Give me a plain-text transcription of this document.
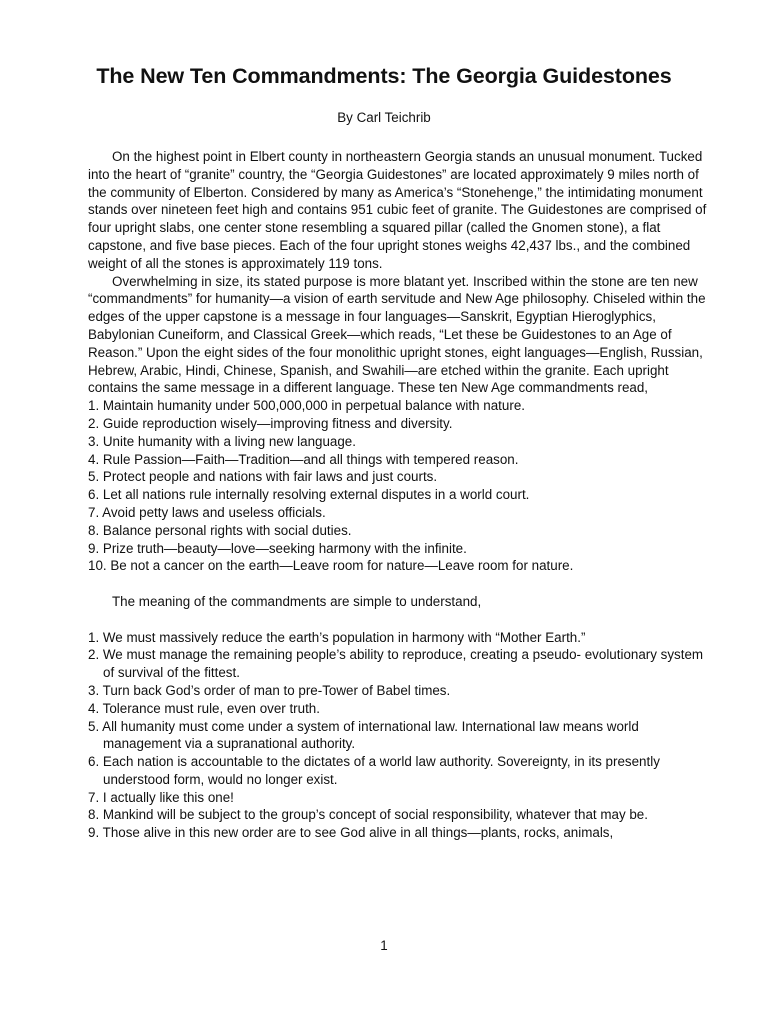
The New Ten Commandments: The Georgia Guidestones

By Carl Teichrib

On the highest point in Elbert county in northeastern Georgia stands an unusual monument. Tucked into the heart of “granite” country, the “Georgia Guidestones” are located approximately 9 miles north of the community of Elberton. Considered by many as America’s “Stonehenge,” the intimidating monument stands over nineteen feet high and contains 951 cubic feet of granite. The Guidestones are comprised of four upright slabs, one center stone resembling a squared pillar (called the Gnomen stone), a flat capstone, and five base pieces. Each of the four upright stones weighs 42,437 lbs., and the combined weight of all the stones is approximately 119 tons.

Overwhelming in size, its stated purpose is more blatant yet. Inscribed within the stone are ten new “commandments” for humanity—a vision of earth servitude and New Age philosophy. Chiseled within the edges of the upper capstone is a message in four languages—Sanskrit, Egyptian Hieroglyphics, Babylonian Cuneiform, and Classical Greek—which reads, “Let these be Guidestones to an Age of Reason.” Upon the eight sides of the four monolithic upright stones, eight languages—English, Russian, Hebrew, Arabic, Hindi, Chinese, Spanish, and Swahili—are etched within the granite. Each upright contains the same message in a different language. These ten New Age commandments read,

1. Maintain humanity under 500,000,000 in perpetual balance with nature.
2. Guide reproduction wisely—improving fitness and diversity.
3. Unite humanity with a living new language.
4. Rule Passion—Faith—Tradition—and all things with tempered reason.
5. Protect people and nations with fair laws and just courts.
6. Let all nations rule internally resolving external disputes in a world court.
7. Avoid petty laws and useless officials.
8. Balance personal rights with social duties.
9. Prize truth—beauty—love—seeking harmony with the infinite.
10. Be not a cancer on the earth—Leave room for nature—Leave room for nature.

The meaning of the commandments are simple to understand,

1. We must massively reduce the earth’s population in harmony with “Mother Earth.”
2. We must manage the remaining people’s ability to reproduce, creating a pseudo- evolutionary system of survival of the fittest.
3. Turn back God’s order of man to pre-Tower of Babel times.
4. Tolerance must rule, even over truth.
5. All humanity must come under a system of international law. International law means world management via a supranational authority.
6. Each nation is accountable to the dictates of a world law authority. Sovereignty, in its presently understood form, would no longer exist.
7. I actually like this one!
8. Mankind will be subject to the group’s concept of social responsibility, whatever that may be.
9. Those alive in this new order are to see God alive in all things—plants, rocks, animals,

1
